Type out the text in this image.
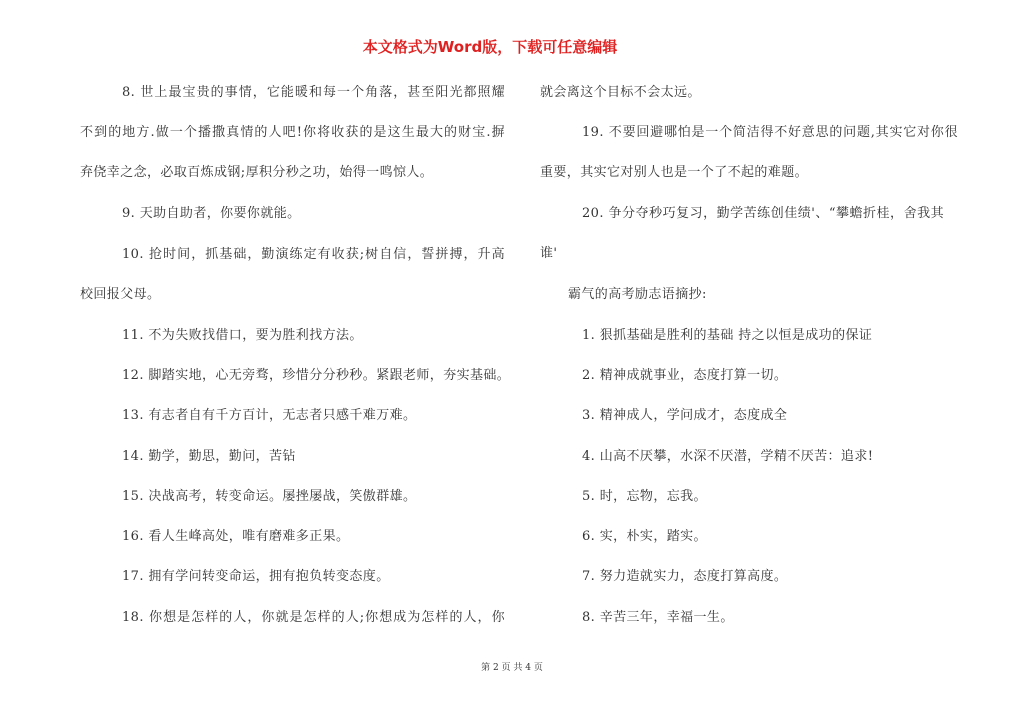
本文格式为Word版，下载可任意编辑
8. 世上最宝贵的事情，它能暖和每一个角落，甚至阳光都照耀
不到的地方.做一个播撒真情的人吧!你将收获的是这生最大的财宝.摒
弃侥幸之念，必取百炼成钢;厚积分秒之功，始得一鸣惊人。
9. 天助自助者，你要你就能。
10. 抢时间，抓基础，勤演练定有收获;树自信，誓拼搏，升高
校回报父母。
11. 不为失败找借口，要为胜利找方法。
12. 脚踏实地，心无旁骛，珍惜分分秒秒。紧跟老师，夯实基础。
13. 有志者自有千方百计，无志者只感千难万难。
14. 勤学，勤思，勤问，苦钻
15. 决战高考，转变命运。屡挫屡战，笑傲群雄。
16. 看人生峰高处，唯有磨难多正果。
17. 拥有学问转变命运，拥有抱负转变态度。
18. 你想是怎样的人，你就是怎样的人;你想成为怎样的人，你
就会离这个目标不会太远。
19. 不要回避哪怕是一个简洁得不好意思的问题,其实它对你很
重要，其实它对别人也是一个了不起的难题。
20. 争分夺秒巧复习，勤学苦练创佳绩'、“攀蟾折桂，舍我其
谁'
霸气的高考励志语摘抄:
1. 狠抓基础是胜利的基础 持之以恒是成功的保证
2. 精神成就事业，态度打算一切。
3. 精神成人，学问成才，态度成全
4. 山高不厌攀，水深不厌潜，学精不厌苦：追求!
5. 时，忘物，忘我。
6. 实，朴实，踏实。
7. 努力造就实力，态度打算高度。
8. 辛苦三年，幸福一生。
第 2 页 共 4 页
